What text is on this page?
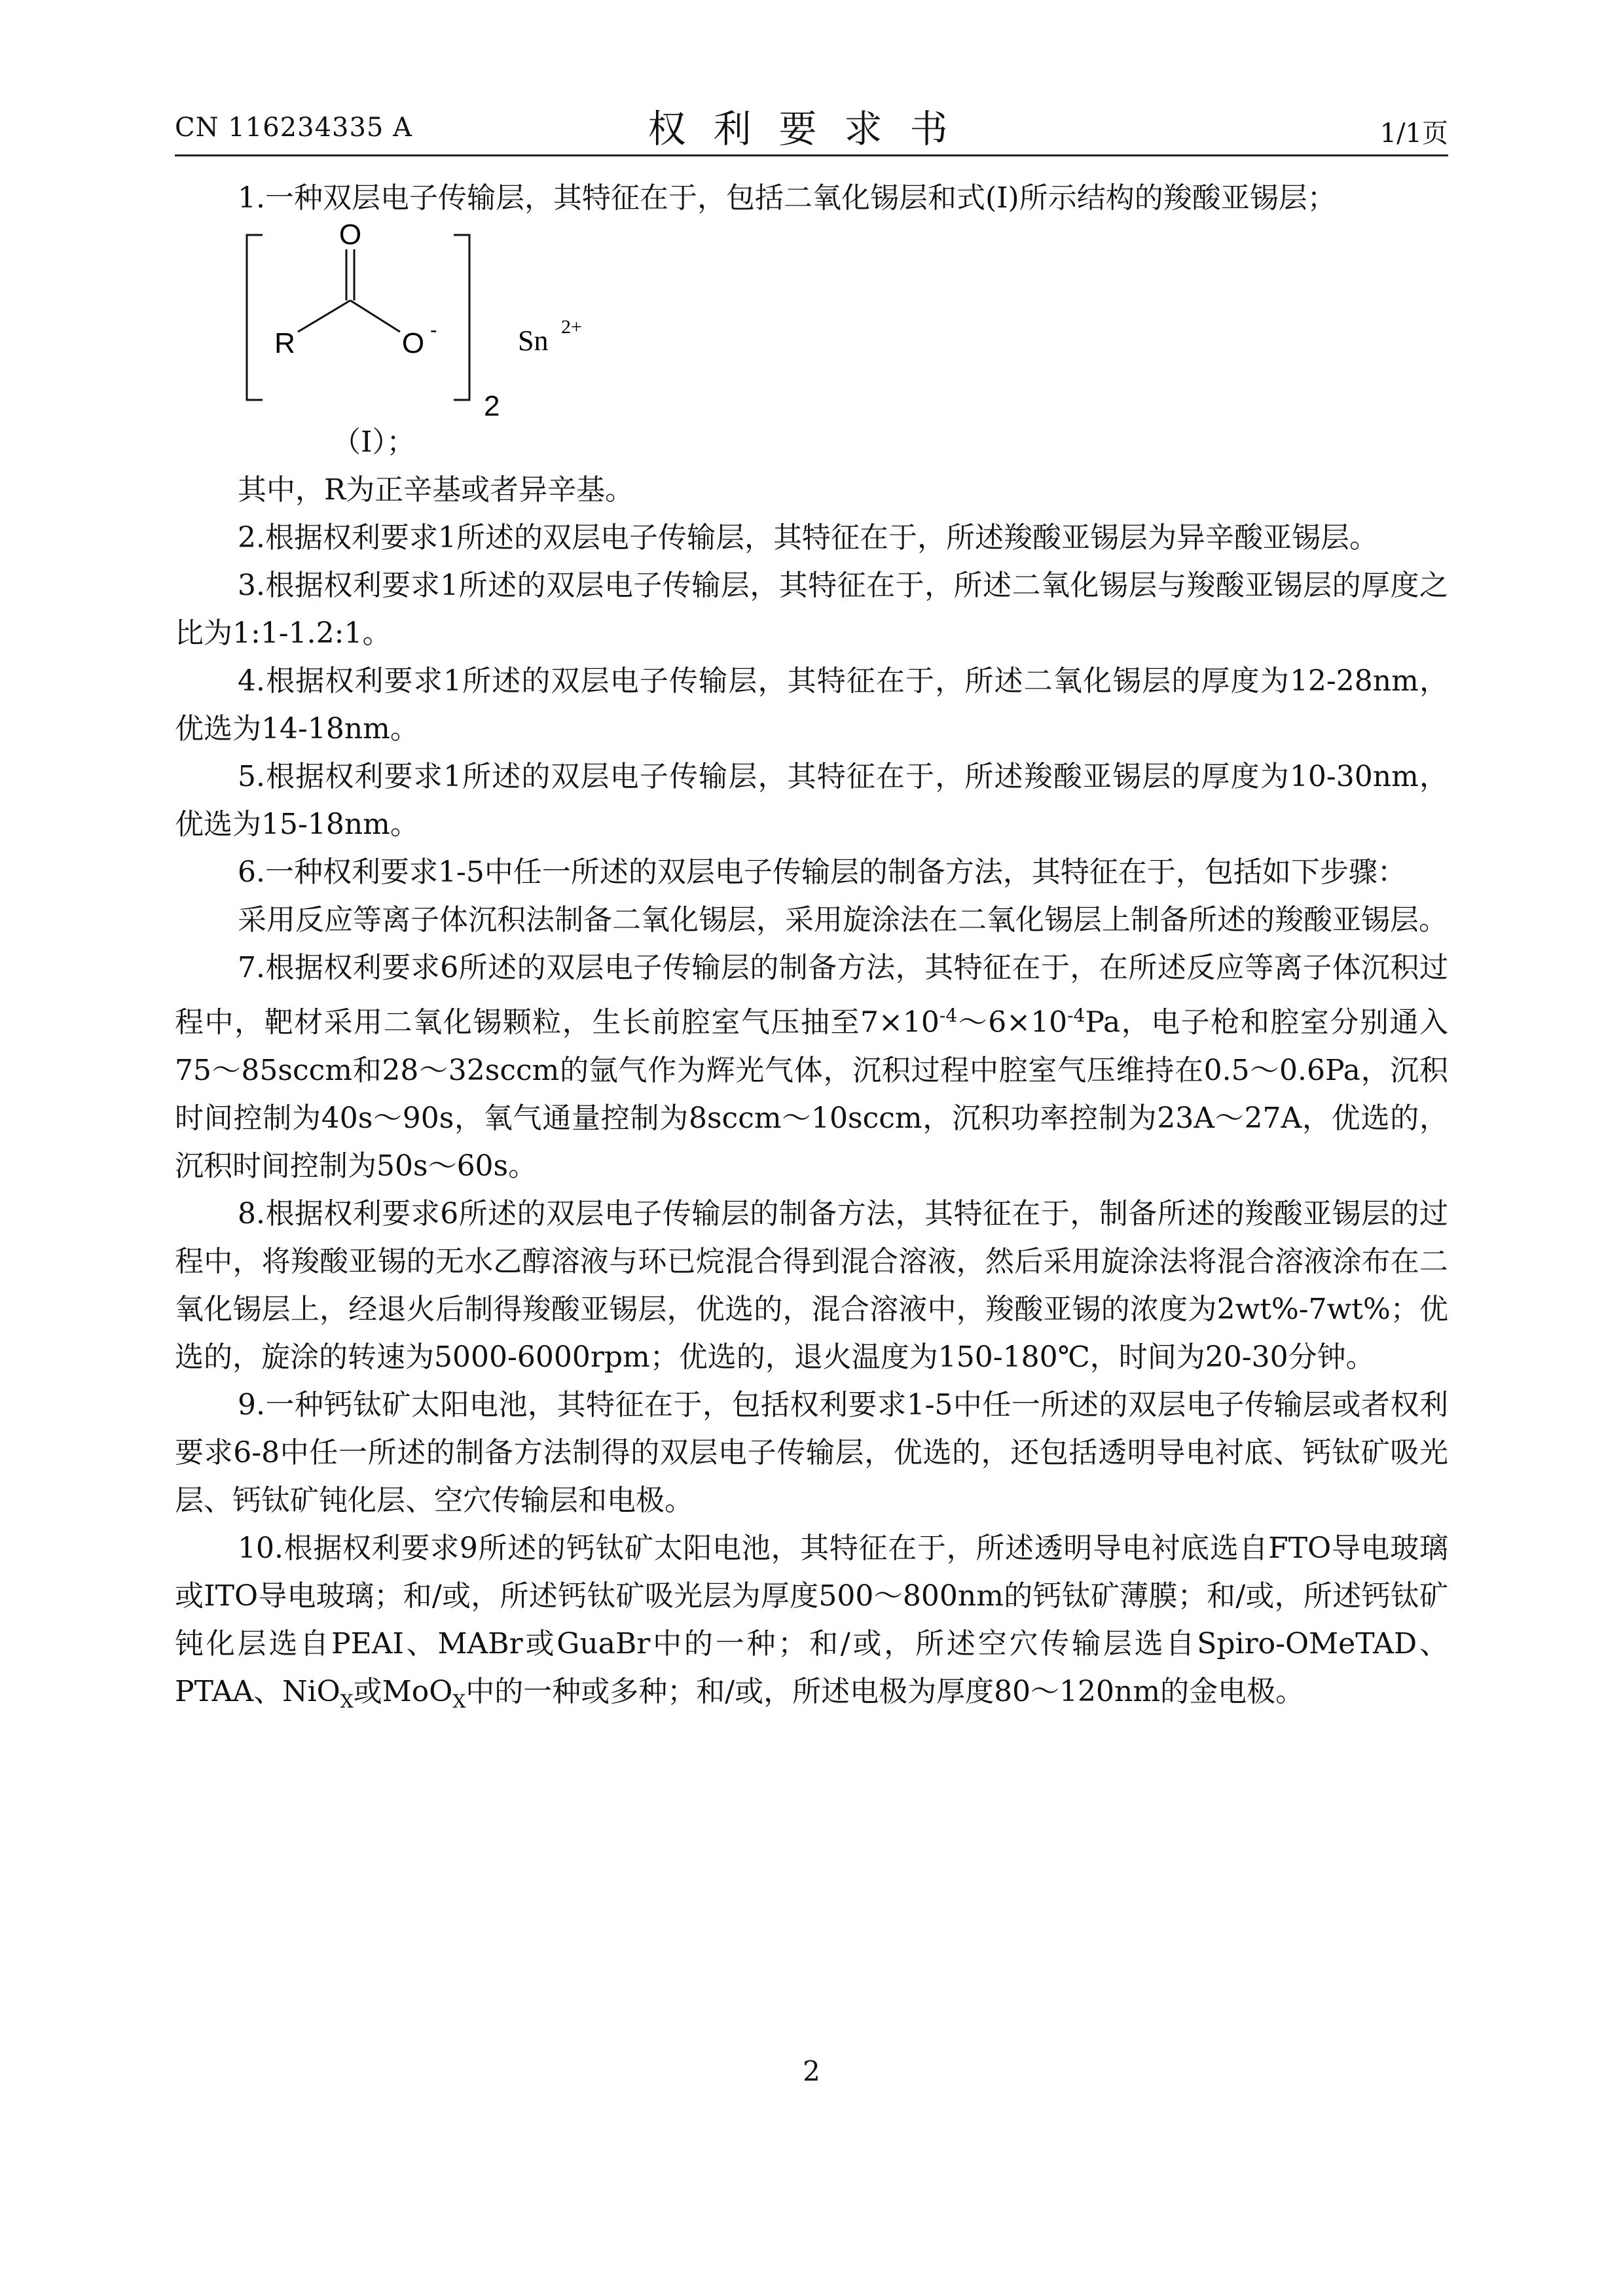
CN 116234335 A	权利要求书	1/1页

1.一种双层电子传输层，其特征在于，包括二氧化锡层和式(I)所示结构的羧酸亚锡层；

O
R	O -
2
Sn 2+

（I）；

其中，R为正辛基或者异辛基。

2.根据权利要求1所述的双层电子传输层，其特征在于，所述羧酸亚锡层为异辛酸亚锡层。

3.根据权利要求1所述的双层电子传输层，其特征在于，所述二氧化锡层与羧酸亚锡层的厚度之比为1:1-1.2:1。

4.根据权利要求1所述的双层电子传输层，其特征在于，所述二氧化锡层的厚度为12-28nm，优选为14-18nm。

5.根据权利要求1所述的双层电子传输层，其特征在于，所述羧酸亚锡层的厚度为10-30nm，优选为15-18nm。

6.一种权利要求1-5中任一所述的双层电子传输层的制备方法，其特征在于，包括如下步骤：

采用反应等离子体沉积法制备二氧化锡层，采用旋涂法在二氧化锡层上制备所述的羧酸亚锡层。

7.根据权利要求6所述的双层电子传输层的制备方法，其特征在于，在所述反应等离子体沉积过程中，靶材采用二氧化锡颗粒，生长前腔室气压抽至$7\times 10^{-4}\sim 6\times 10^{-4}Pa$，电子枪和腔室分别通入75～85sccm和28～32sccm的氩气作为辉光气体，沉积过程中腔室气压维持在0.5～0.6Pa，沉积时间控制为40s～90s，氧气通量控制为8sccm～10sccm，沉积功率控制为23A～27A，优选的，沉积时间控制为50s～60s。

8.根据权利要求6所述的双层电子传输层的制备方法，其特征在于，制备所述的羧酸亚锡层的过程中，将羧酸亚锡的无水乙醇溶液与环已烷混合得到混合溶液，然后采用旋涂法将混合溶液涂布在二氧化锡层上，经退火后制得羧酸亚锡层，优选的，混合溶液中，羧酸亚锡的浓度为2wt%-7wt%；优选的，旋涂的转速为5000-6000rpm；优选的，退火温度为150-180℃，时间为20-30分钟。

9.一种钙钛矿太阳电池，其特征在于，包括权利要求1-5中任一所述的双层电子传输层或者权利要求6-8中任一所述的制备方法制得的双层电子传输层，优选的，还包括透明导电衬底、钙钛矿吸光层、钙钛矿钝化层、空穴传输层和电极。

10.根据权利要求9所述的钙钛矿太阳电池，其特征在于，所述透明导电衬底选自FTO导电玻璃或ITO导电玻璃；和/或，所述钙钛矿吸光层为厚度500～800nm的钙钛矿薄膜；和/或，所述钙钛矿钝化层选自PEAI、MABr或GuaBr中的一种；和/或，所述空穴传输层选自Spiro-OMeTAD、PTAA、NiO$_X$或MoO$_X$中的一种或多种；和/或，所述电极为厚度80～120nm的金电极。

2
